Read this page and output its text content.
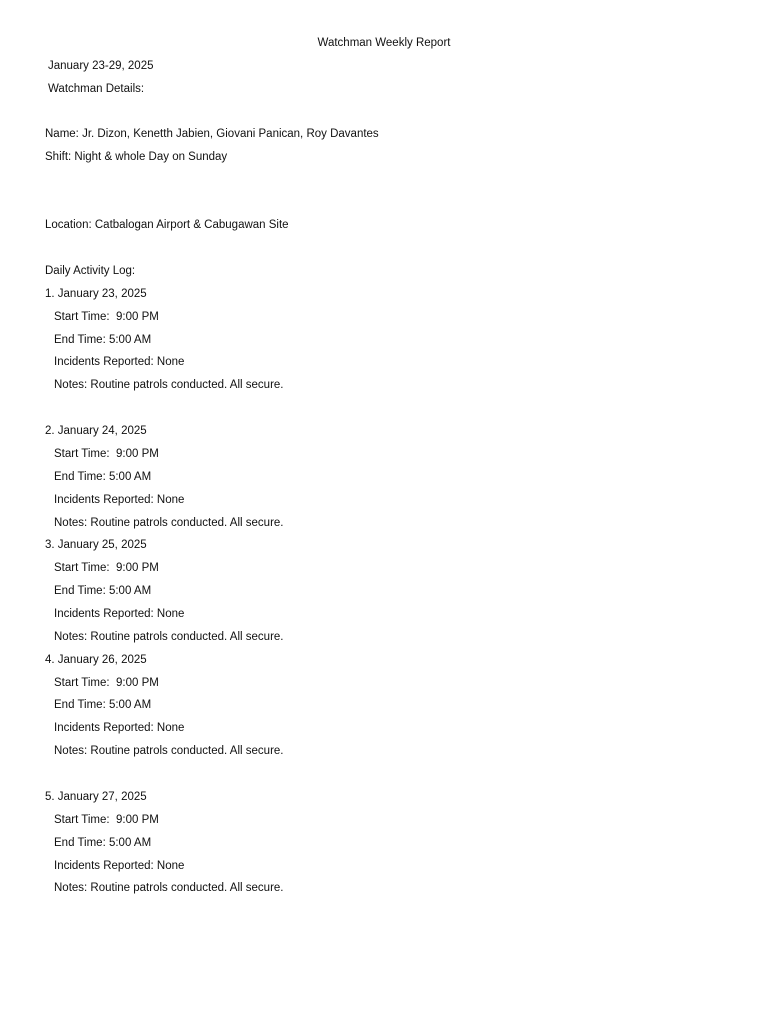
Watchman Weekly Report
January 23-29, 2025
Watchman Details:
Name: Jr. Dizon, Kenetth Jabien, Giovani Panican, Roy Davantes
Shift: Night & whole Day on Sunday
Location: Catbalogan Airport & Cabugawan Site
Daily Activity Log:
1. January 23, 2025
Start Time:  9:00 PM
End Time: 5:00 AM
Incidents Reported: None
Notes: Routine patrols conducted. All secure.
2. January 24, 2025
Start Time:  9:00 PM
End Time: 5:00 AM
Incidents Reported: None
Notes: Routine patrols conducted. All secure.
3. January 25, 2025
Start Time:  9:00 PM
End Time: 5:00 AM
Incidents Reported: None
Notes: Routine patrols conducted. All secure.
4. January 26, 2025
Start Time:  9:00 PM
End Time: 5:00 AM
Incidents Reported: None
Notes: Routine patrols conducted. All secure.
5. January 27, 2025
Start Time:  9:00 PM
End Time: 5:00 AM
Incidents Reported: None
Notes: Routine patrols conducted. All secure.
